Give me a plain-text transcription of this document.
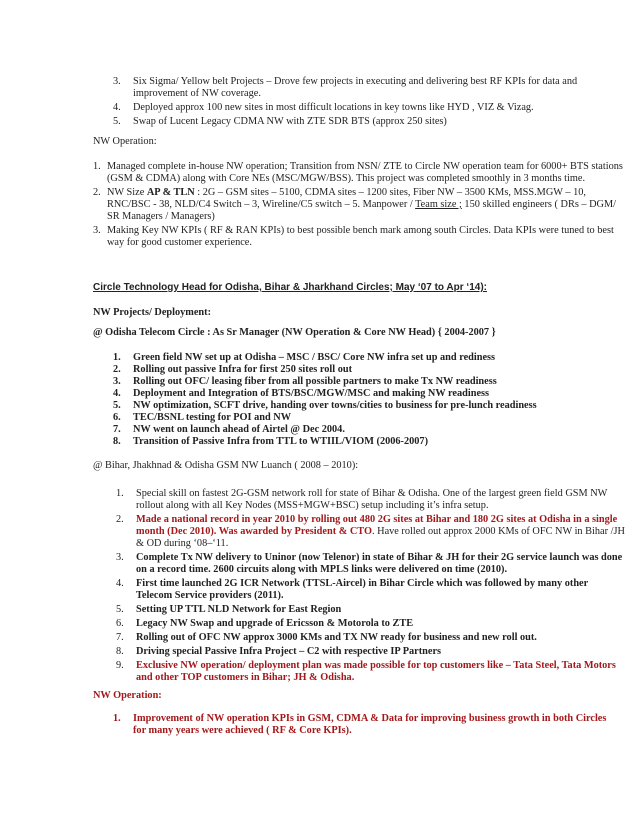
3. Six Sigma/ Yellow belt Projects – Drove few projects in executing and delivering best RF KPIs for data and improvement of NW coverage.
4. Deployed approx 100 new sites in most difficult locations in key towns like HYD , VIZ & Vizag.
5. Swap of Lucent Legacy CDMA NW with ZTE SDR BTS (approx 250 sites)
NW Operation:
1. Managed complete in-house NW operation; Transition from NSN/ ZTE to Circle NW operation team for 6000+ BTS stations (GSM & CDMA) along with Core NEs (MSC/MGW/BSS). This project was completed smoothly in 3 months time.
2. NW Size AP & TLN : 2G – GSM sites – 5100, CDMA sites – 1200 sites, Fiber NW – 3500 KMs, MSS.MGW – 10, RNC/BSC - 38, NLD/C4 Switch – 3, Wireline/C5 switch – 5. Manpower / Team size ; 150 skilled engineers ( DRs – DGM/ SR Managers / Managers)
3. Making Key NW KPIs ( RF & RAN KPIs) to best possible bench mark among south Circles. Data KPIs were tuned to best way for good customer experience.
Circle Technology Head for Odisha, Bihar & Jharkhand Circles; May ‘07 to Apr ‘14):
NW Projects/ Deployment:
@ Odisha Telecom Circle : As Sr Manager (NW Operation & Core NW Head) { 2004-2007 }
1. Green field NW set up at Odisha – MSC / BSC/ Core NW infra set up and rediness
2. Rolling out passive Infra for first 250 sites roll out
3. Rolling out OFC/ leasing fiber from all possible partners to make Tx NW readiness
4. Deployment and Integration of BTS/BSC/MGW/MSC and making NW readiness
5. NW optimization, SCFT drive, handing over towns/cities to business for pre-lunch readiness
6. TEC/BSNL testing for POI and NW
7. NW went on launch ahead of Airtel @ Dec 2004.
8. Transition of Passive Infra from TTL to WTIIL/VIOM (2006-2007)
@ Bihar, Jhakhnad & Odisha GSM NW Luanch ( 2008 – 2010):
1. Special skill on fastest 2G-GSM network roll for state of Bihar & Odisha. One of the largest green field GSM NW rollout along with all Key Nodes (MSS+MGW+BSC) setup including it’s infra setup.
2. Made a national record in year 2010 by rolling out 480 2G sites at Bihar and 180 2G sites at Odisha in a single month (Dec 2010). Was awarded by President & CTO. Have rolled out approx 2000 KMs of OFC NW in Bihar /JH & OD during ‘08–‘11.
3. Complete Tx NW delivery to Uninor (now Telenor) in state of Bihar & JH for their 2G service launch was done on a record time. 2600 circuits along with MPLS links were delivered on time (2010).
4. First time launched 2G ICR Network (TTSL-Aircel) in Bihar Circle which was followed by many other Telecom Service providers (2011).
5. Setting UP TTL NLD Network for East Region
6. Legacy NW Swap and upgrade of Ericsson & Motorola to ZTE
7. Rolling out of OFC NW approx 3000 KMs and TX NW ready for business and new roll out.
8. Driving special Passive Infra Project – C2 with respective IP Partners
9. Exclusive NW operation/ deployment plan was made possible for top customers like – Tata Steel, Tata Motors and other TOP customers in Bihar; JH & Odisha.
NW Operation:
1. Improvement of NW operation KPIs in GSM, CDMA & Data for improving business growth in both Circles for many years were achieved ( RF & Core KPIs).
